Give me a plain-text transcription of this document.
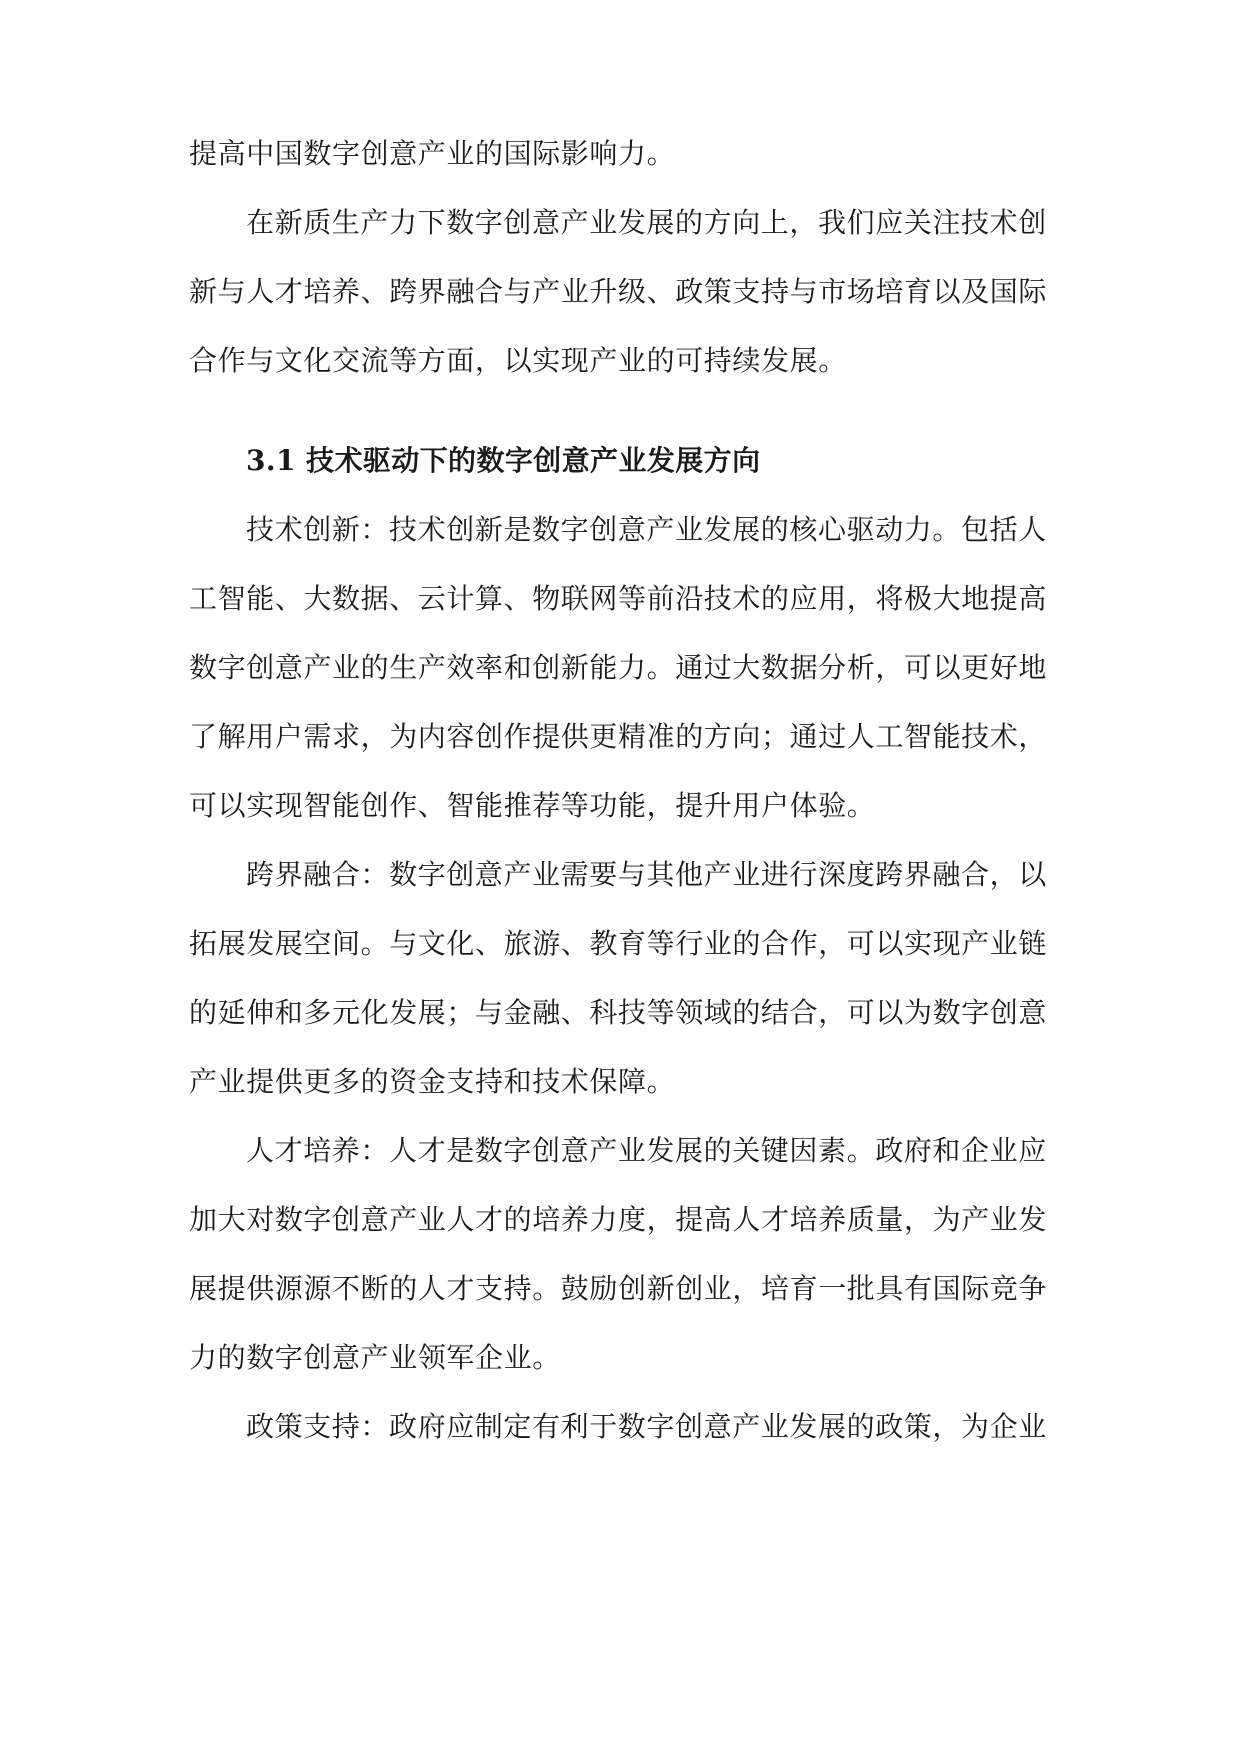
提高中国数字创意产业的国际影响力。
在新质生产力下数字创意产业发展的方向上，我们应关注技术创
新与人才培养、跨界融合与产业升级、政策支持与市场培育以及国际
合作与文化交流等方面，以实现产业的可持续发展。
3.1 技术驱动下的数字创意产业发展方向
技术创新：技术创新是数字创意产业发展的核心驱动力。包括人
工智能、大数据、云计算、物联网等前沿技术的应用，将极大地提高
数字创意产业的生产效率和创新能力。通过大数据分析，可以更好地
了解用户需求，为内容创作提供更精准的方向；通过人工智能技术，
可以实现智能创作、智能推荐等功能，提升用户体验。
跨界融合：数字创意产业需要与其他产业进行深度跨界融合，以
拓展发展空间。与文化、旅游、教育等行业的合作，可以实现产业链
的延伸和多元化发展；与金融、科技等领域的结合，可以为数字创意
产业提供更多的资金支持和技术保障。
人才培养：人才是数字创意产业发展的关键因素。政府和企业应
加大对数字创意产业人才的培养力度，提高人才培养质量，为产业发
展提供源源不断的人才支持。鼓励创新创业，培育一批具有国际竞争
力的数字创意产业领军企业。
政策支持：政府应制定有利于数字创意产业发展的政策，为企业
